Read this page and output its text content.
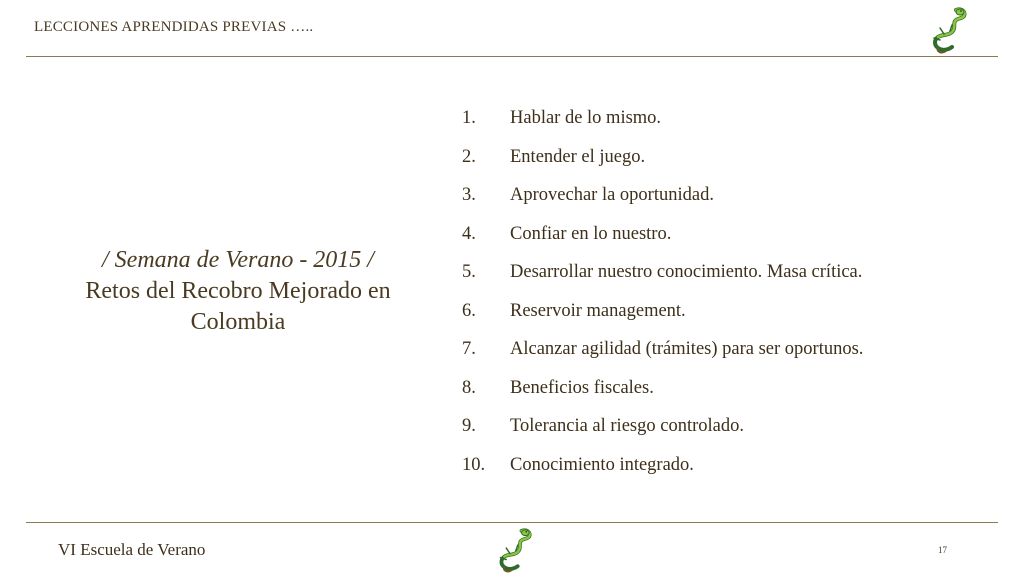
LECCIONES APRENDIDAS PREVIAS …..
/ Semana de Verano - 2015 /
Retos del Recobro Mejorado en Colombia
1. Hablar de lo mismo.
2. Entender el juego.
3. Aprovechar la oportunidad.
4. Confiar en lo nuestro.
5. Desarrollar nuestro conocimiento. Masa crítica.
6. Reservoir management.
7. Alcanzar agilidad (trámites) para ser oportunos.
8. Beneficios fiscales.
9. Tolerancia al riesgo controlado.
10. Conocimiento integrado.
VI Escuela de Verano	17
